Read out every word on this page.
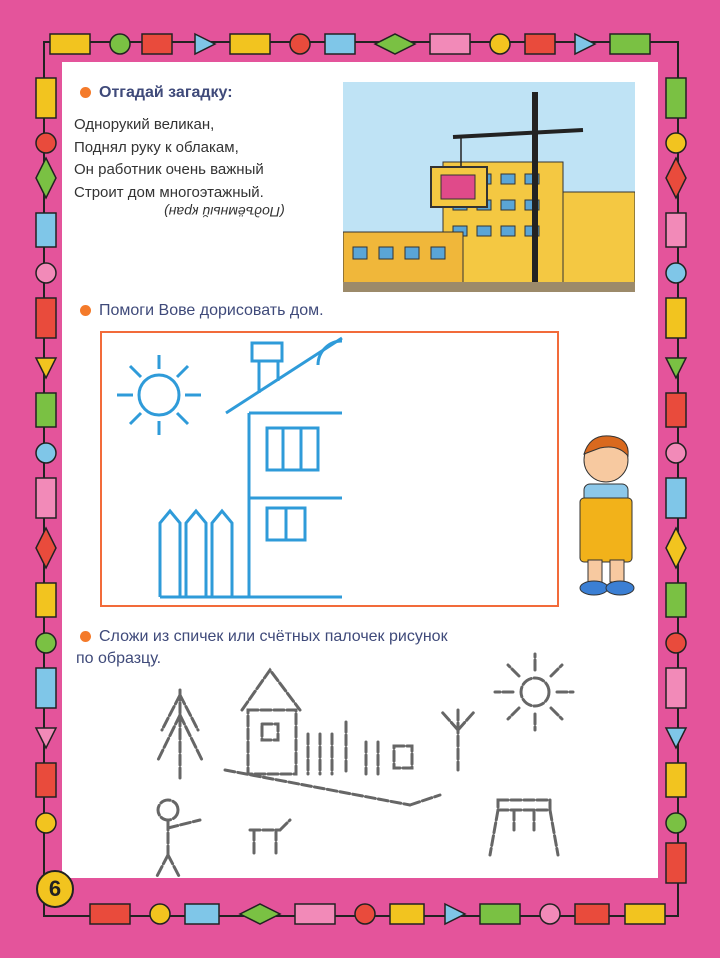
Отгадай загадку:
Однорукий великан,
Поднял руку к облакам,
Он работник очень важный
Строит дом многоэтажный.
(Подъёмный кран)
Помоги Вове дорисовать дом.
Сложи из спичек или счётных палочек рисунок
по образцу.
6
